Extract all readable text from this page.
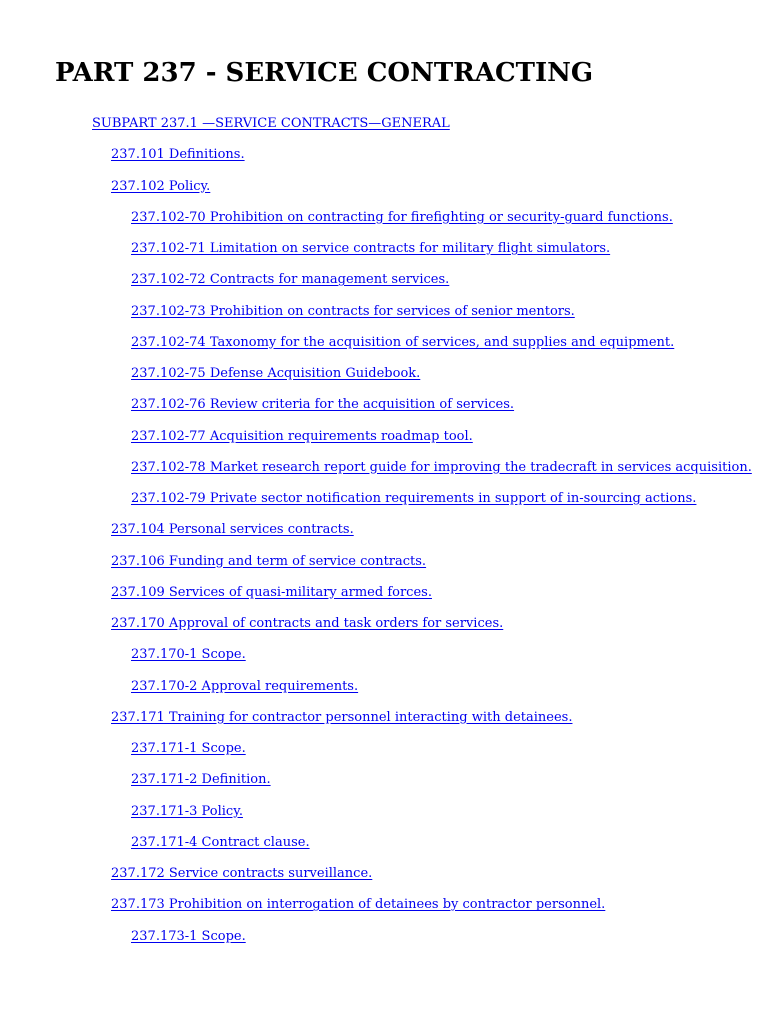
PART 237 - SERVICE CONTRACTING
SUBPART 237.1 —SERVICE CONTRACTS—GENERAL
237.101 Definitions.
237.102 Policy.
237.102-70 Prohibition on contracting for firefighting or security-guard functions.
237.102-71 Limitation on service contracts for military flight simulators.
237.102-72 Contracts for management services.
237.102-73 Prohibition on contracts for services of senior mentors.
237.102-74 Taxonomy for the acquisition of services, and supplies and equipment.
237.102-75 Defense Acquisition Guidebook.
237.102-76 Review criteria for the acquisition of services.
237.102-77 Acquisition requirements roadmap tool.
237.102-78 Market research report guide for improving the tradecraft in services acquisition.
237.102-79 Private sector notification requirements in support of in-sourcing actions.
237.104 Personal services contracts.
237.106 Funding and term of service contracts.
237.109 Services of quasi-military armed forces.
237.170 Approval of contracts and task orders for services.
237.170-1 Scope.
237.170-2 Approval requirements.
237.171 Training for contractor personnel interacting with detainees.
237.171-1 Scope.
237.171-2 Definition.
237.171-3 Policy.
237.171-4 Contract clause.
237.172 Service contracts surveillance.
237.173 Prohibition on interrogation of detainees by contractor personnel.
237.173-1 Scope.
